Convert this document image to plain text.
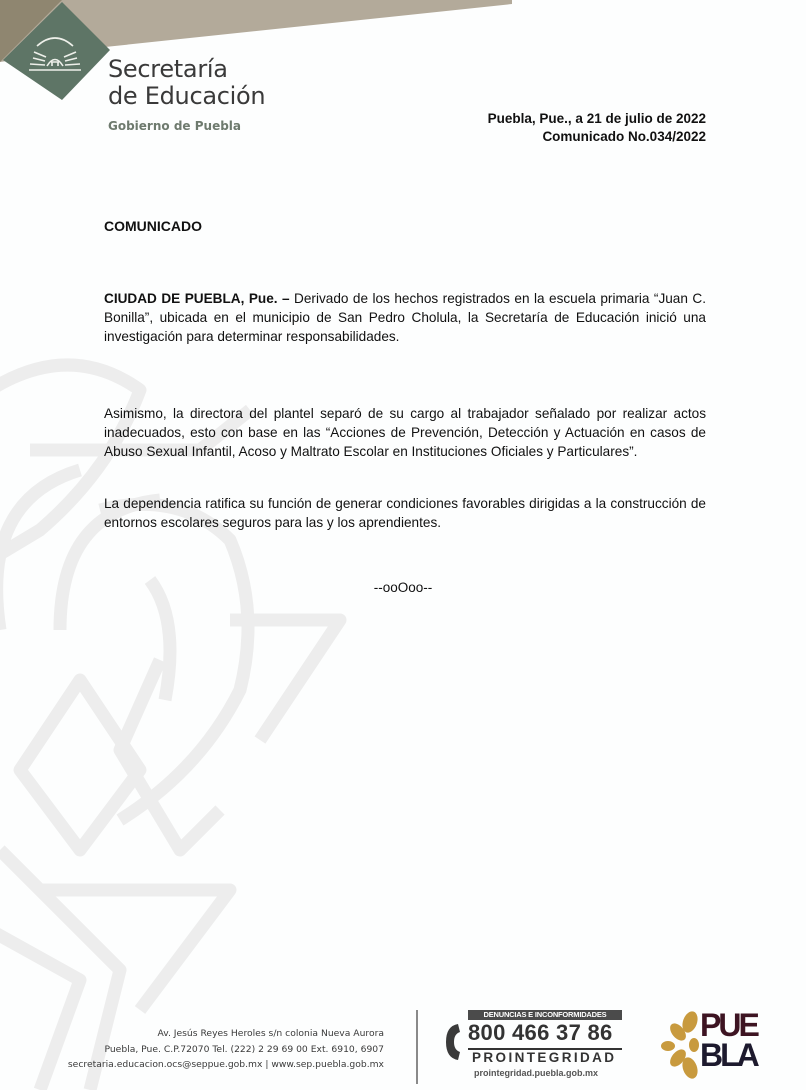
Secretaría
de Educación
Gobierno de Puebla	Puebla, Pue., a 21 de julio de 2022
Comunicado No.034/2022
COMUNICADO
CIUDAD DE PUEBLA, Pue. – Derivado de los hechos registrados en la escuela primaria “Juan C. Bonilla”, ubicada en el municipio de San Pedro Cholula, la Secretaría de Educación inició una investigación para determinar responsabilidades.
Asimismo, la directora del plantel separó de su cargo al trabajador señalado por realizar actos inadecuados, esto con base en las “Acciones de Prevención, Detección y Actuación en casos de Abuso Sexual Infantil, Acoso y Maltrato Escolar en Instituciones Oficiales y Particulares”.
La dependencia ratifica su función de generar condiciones favorables dirigidas a la construcción de entornos escolares seguros para las y los aprendientes.
--ooOoo--
Av. Jesús Reyes Heroles s/n colonia Nueva Aurora
Puebla, Pue. C.P.72070 Tel. (222) 2 29 69 00 Ext. 6910, 6907
secretaria.educacion.ocs@seppue.gob.mx | www.sep.puebla.gob.mx
DENUNCIAS E INCONFORMIDADES
800 466 37 86
PROINTEGRIDAD
prointegridad.puebla.gob.mx
PUE
BLA
